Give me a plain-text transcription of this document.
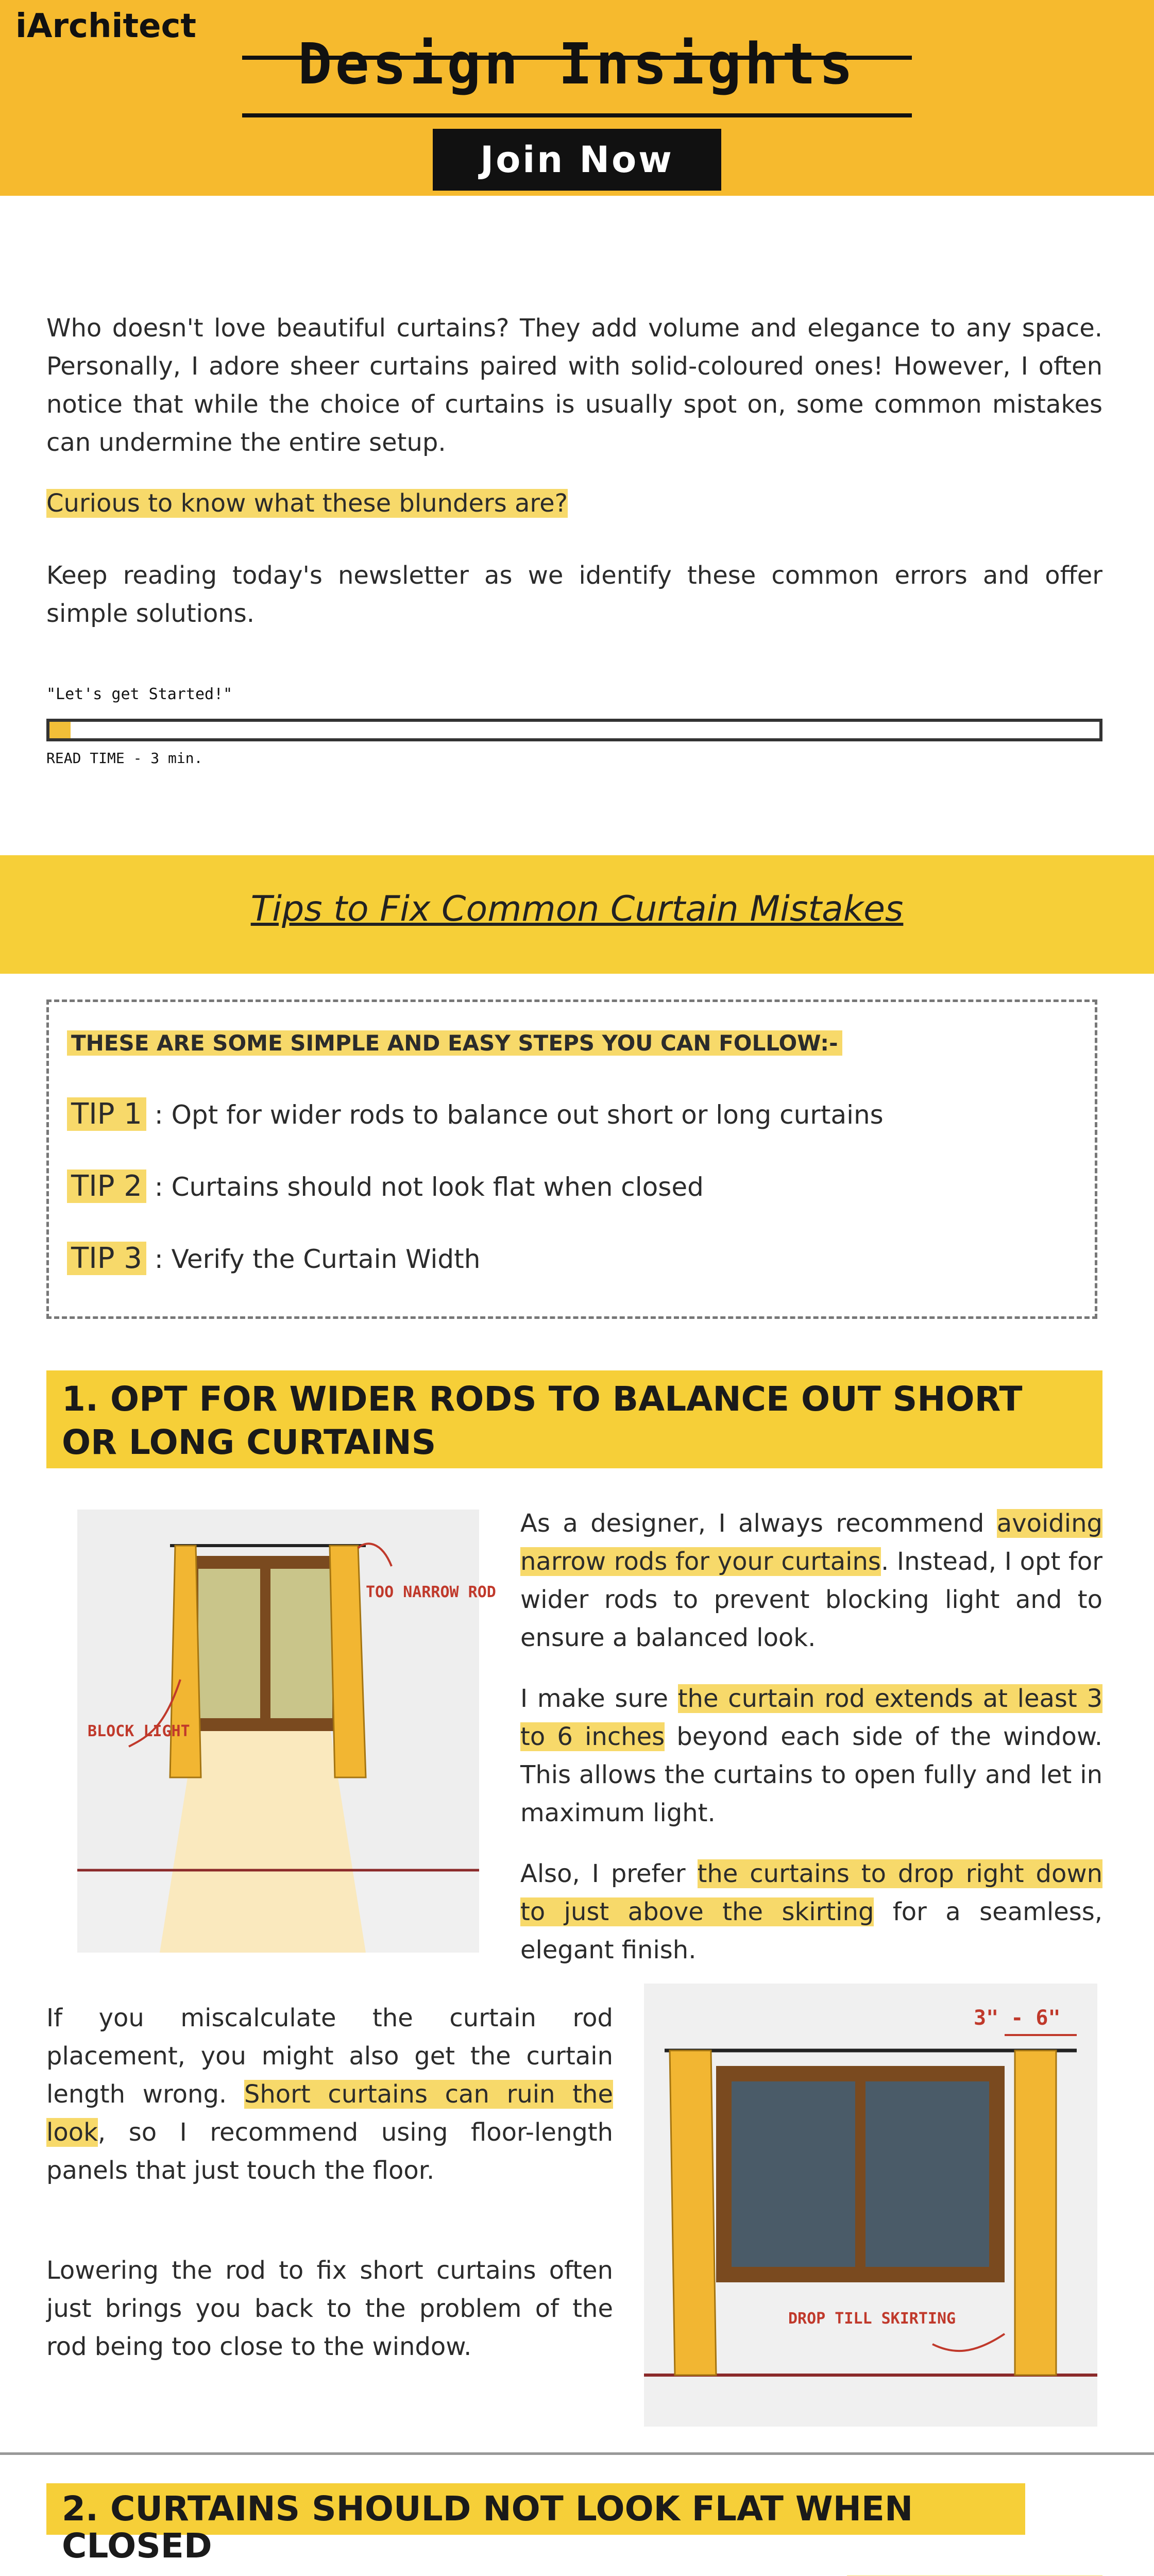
iArchitect
Design Insights
Join Now

Who doesn't love beautiful curtains? They add volume and elegance to any space. Personally, I adore sheer curtains paired with solid-coloured ones! However, I often notice that while the choice of curtains is usually spot on, some common mistakes can undermine the entire setup.

Curious to know what these blunders are?

Keep reading today's newsletter as we identify these common errors and offer simple solutions.

"Let's get Started!"
READ TIME - 3 min.
Tips to Fix Common Curtain Mistakes
THESE ARE SOME SIMPLE AND EASY STEPS YOU CAN FOLLOW:-
TIP 1 : Opt for wider rods to balance out short or long curtains
TIP 2 : Curtains should not look flat when closed
TIP 3 : Verify the Curtain Width
1. OPT FOR WIDER RODS TO BALANCE OUT SHORT OR LONG CURTAINS
TOO NARROW ROD
BLOCK LIGHT
As a designer, I always recommend avoiding narrow rods for your curtains. Instead, I opt for wider rods to prevent blocking light and to ensure a balanced look.
I make sure the curtain rod extends at least 3 to 6 inches beyond each side of the window. This allows the curtains to open fully and let in maximum light.
Also, I prefer the curtains to drop right down to just above the skirting for a seamless, elegant finish.
If you miscalculate the curtain rod placement, you might also get the curtain length wrong. Short curtains can ruin the look, so I recommend using floor-length panels that just touch the floor.
Lowering the rod to fix short curtains often just brings you back to the problem of the rod being too close to the window.
3" - 6"
DROP TILL SKIRTING
2. CURTAINS SHOULD NOT LOOK FLAT WHEN CLOSED
